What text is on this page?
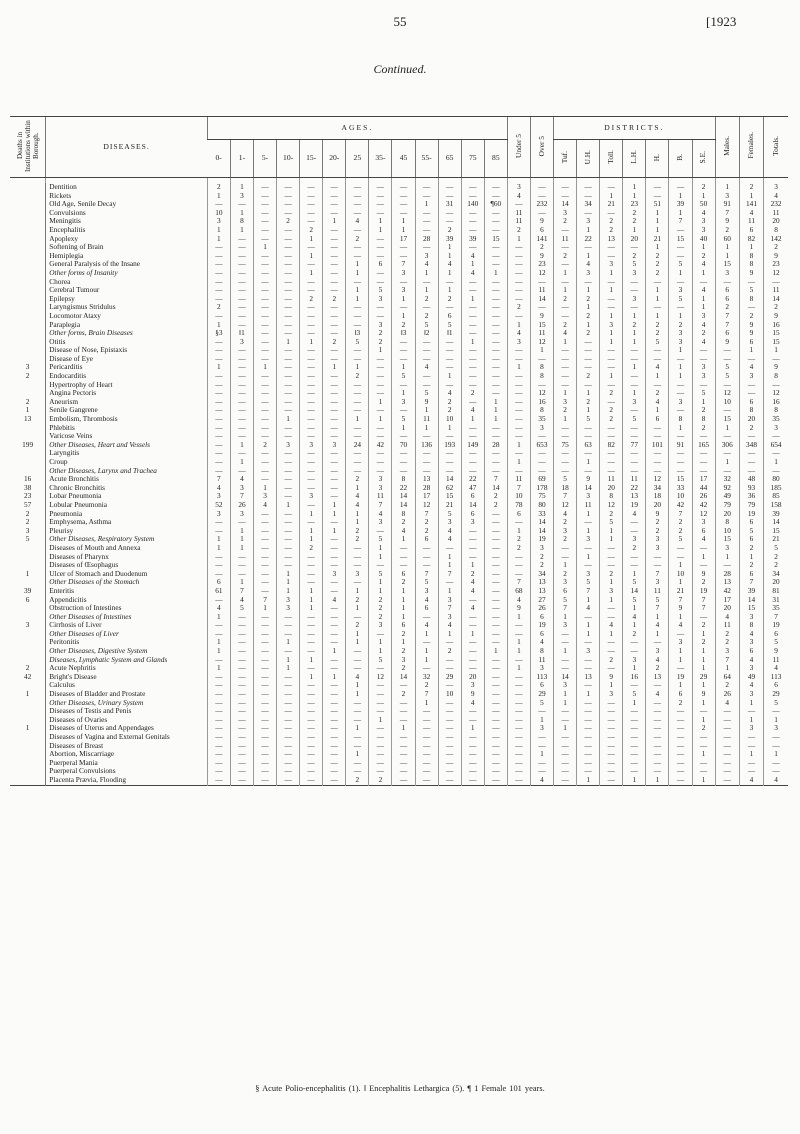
55	[1923
Continued.
Deaths in Institutions within Borough.	DISEASES.	AGES.													Under 5	Over 5	DISTRICTS.							Males.	Females.	Totals.
		0-	1-	5-	10-	15-	20-	25	35-	45	55-	65	75	85			Tuf.	U.H.	Toll.	L.H.	H.	B.	S.E.			

	Dentition	2	1	—	—	—	—	—	—	—	—	—	—	—	3	—	—	—	—	1	—	—	2	1	2	3
	Rickets	1	3	—	—	—	—	—	—	—	—	—	—	—	4	—	—	—	1	1	—	1	1	3	1	4
	Old Age, Senile Decay	—	—	—	—	—	—	—	—	—	1	31	140	¶60	—	232	14	34	21	23	51	39	50	91	141	232
	Convulsions	10	1	—	—	—	—	—	—	—	—	—	—	—	11	—	3	—	—	2	1	1	4	7	4	11
	Meningitis	3	8	—	2	—	1	4	1	1	—	—	—	—	11	9	2	3	2	2	1	7	3	9	11	20
	Encephalitis	1	1	—	—	2	—	—	1	1	—	2	—	—	2	6	—	1	2	1	1	—	3	2	6	8
	Apoplexy	1	—	—	—	1	—	2	—	17	28	39	39	15	1	141	11	22	13	20	21	15	40	60	82	142
	Softening of Brain	—	—	1	—	—	—	—	—	—	—	1	—	—	—	2	—	—	—	—	1	—	1	1	1	2
	Hemiplegia	—	—	—	—	1	—	—	—	—	3	1	4	—	—	9	2	1	—	2	2	—	2	1	8	9
	General Paralysis of the Insane	—	—	—	—	—	—	1	6	7	4	4	1	—	—	23	—	4	3	5	2	5	4	15	8	23
	Other forms of Insanity	—	—	—	—	1	—	1	—	3	1	1	4	1	—	12	1	3	1	3	2	1	1	3	9	12
	Chorea	—	—	—	—	—	—	—	—	—	—	—	—	—	—	—	—	—	—	—	—	—	—	—	—	—
	Cerebral Tumour	—	—	—	—	—	—	1	5	3	1	1	—	—	—	11	1	1	1	—	1	3	4	6	5	11
	Epilepsy	—	—	—	—	2	2	1	3	1	2	2	1	—	—	14	2	2	—	3	1	5	1	6	8	14
	Laryngismus Stridulus	2	—	—	—	—	—	—	—	—	—	—	—	—	2	—	—	1	—	—	—	—	1	2	—	2
	Locomotor Ataxy	—	—	—	—	—	—	—	—	1	2	6	—	—	—	9	—	2	1	1	1	1	3	7	2	9
	Paraplegia	1	—	—	—	—	—	—	3	2	5	5	—	—	1	15	2	1	3	2	2	2	4	7	9	16
	Other forms, Brain Diseases	§3	‖1	—	—	—	—	‖3	2	‖3	‖2	‖1	—	—	4	11	4	2	1	1	2	3	2	6	9	15
	Otitis	—	3	—	1	1	2	5	2	—	—	—	1	—	3	12	1	—	1	1	5	3	4	9	6	15
	Disease of Nose, Epistaxis	—	—	—	—	—	—	—	1	—	—	—	—	—	—	1	—	—	—	—	—	1	—	—	1	1
	Disease of Eye	—	—	—	—	—	—	—	—	—	—	—	—	—	—	—	—	—	—	—	—	—	—	—	—	—
3	Pericarditis	1	—	1	—	—	1	1	—	1	4	—	—	—	1	8	—	—	—	1	4	1	3	5	4	9
2	Endocarditis	—	—	—	—	—	—	2	—	5	—	1	—	—	—	8	—	2	1	—	1	1	3	5	3	8
	Hypertrophy of Heart	—	—	—	—	—	—	—	—	—	—	—	—	—	—	—	—	—	—	—	—	—	—	—	—	—
	Angina Pectoris	—	—	—	—	—	—	—	—	1	5	4	2	—	—	12	1	1	2	1	2	—	5	12	—	12
2	Aneurism	—	—	—	—	—	—	—	1	3	9	2	—	1	—	16	3	2	—	3	4	3	1	10	6	16
1	Senile Gangrene	—	—	—	—	—	—	—	—	—	1	2	4	1	—	8	2	1	2	—	1	—	2	—	8	8
13	Embolism, Thrombosis	—	—	—	1	—	—	1	1	5	11	10	1	1	—	35	1	5	2	5	6	8	8	15	20	35
	Phlebitis	—	—	—	—	—	—	—	—	1	1	1	—	—	—	3	—	—	—	—	—	1	2	1	2	3
	Varicose Veins	—	—	—	—	—	—	—	—	—	—	—	—	—	—	—	—	—	—	—	—	—	—	—	—	—
199	Other Diseases, Heart and Vessels	—	1	2	3	3	3	24	42	70	136	193	149	28	1	653	75	63	82	77	101	91	165	306	348	654
	Laryngitis	—	—	—	—	—	—	—	—	—	—	—	—	—	—	—	—	—	—	—	—	—	—	—	—	—
	Croup	—	1	—	—	—	—	—	—	—	—	—	—	—	1	—	—	1	—	—	—	—	—	1	—	1
	Other Diseases, Larynx and Trachea	—	—	—	—	—	—	—	—	—	—	—	—	—	—	—	—	—	—	—	—	—	—	—	—	—
16	Acute Bronchitis	7	4	—	—	—	—	2	3	8	13	14	22	7	11	69	5	9	11	11	12	15	17	32	48	80
38	Chronic Bronchitis	4	3	1	—	—	—	1	3	22	28	62	47	14	7	178	18	14	20	22	34	33	44	92	93	185
23	Lobar Pneumonia	3	7	3	—	3	—	4	11	14	17	15	6	2	10	75	7	3	8	13	18	10	26	49	36	85
57	Lobular Pneumonia	52	26	4	1	—	1	4	7	14	12	21	14	2	78	80	12	11	12	19	20	42	42	79	79	158
2	Pneumonia	3	3	—	—	1	1	1	4	8	7	5	6	—	6	33	4	1	2	4	9	7	12	20	19	39
2	Emphysema, Asthma	—	—	—	—	—	—	1	3	2	2	3	3	—	—	14	2	—	5	—	2	2	3	8	6	14
3	Pleurisy	—	1	—	—	1	1	2	—	4	2	4	—	—	1	14	3	1	1	—	2	2	6	10	5	15
5	Other Diseases, Respiratory System	1	1	—	—	1	—	2	5	1	6	4	—	—	2	19	2	3	1	3	3	5	4	15	6	21
	Diseases of Mouth and Annexa	1	1	—	—	2	—	—	1	—	—	—	—	—	2	3	—	—	—	2	3	—	—	3	2	5
	Diseases of Pharynx	—	—	—	—	—	—	—	1	—	—	1	—	—	—	2	—	1	—	—	—	—	1	1	1	2
	Diseases of Œsophagus	—	—	—	—	—	—	—	—	—	—	1	1	—	—	2	1	—	—	—	—	1	—	—	2	2
1	Ulcer of Stomach and Duodenum	—	—	—	1	—	3	3	5	6	7	7	2	—	—	34	2	3	2	1	7	10	9	28	6	34
	Other Diseases of the Stomach	6	1	—	1	—	—	—	1	2	5	—	4	—	7	13	3	5	1	5	3	1	2	13	7	20
39	Enteritis	61	7	—	1	1	—	1	1	1	3	1	4	—	68	13	6	7	3	14	11	21	19	42	39	81
6	Appendicitis	—	4	7	3	1	4	2	2	1	4	3	—	—	4	27	5	1	1	5	5	7	7	17	14	31
	Obstruction of Intestines	4	5	1	3	1	—	1	2	1	6	7	4	—	9	26	7	4	—	1	7	9	7	20	15	35
	Other Diseases of Intestines	1	—	—	—	—	—	—	2	1	—	3	—	—	1	6	1	—	—	4	1	1	—	4	3	7
3	Cirrhosis of Liver	—	—	—	—	—	—	2	3	6	4	4	—	—	—	19	3	1	4	1	4	4	2	11	8	19
	Other Diseases of Liver	—	—	—	—	—	—	1	—	2	1	1	1	—	—	6	—	1	1	2	1	—	1	2	4	6
	Peritonitis	1	—	—	1	—	—	1	1	1	—	—	—	—	1	4	—	—	—	—	—	3	2	2	3	5
	Other Diseases, Digestive System	1	—	—	—	—	1	—	1	2	1	2	—	1	1	8	1	3	—	—	3	1	1	3	6	9
	Diseases, Lymphatic System and Glands	—	—	—	1	1	—	—	5	3	1	—	—	—	—	11	—	—	2	3	4	1	1	7	4	11
2	Acute Nephritis	1	—	—	1	—	—	—	—	2	—	—	—	—	1	3	—	—	—	1	2	—	1	1	3	4
42	Bright's Disease	—	—	—	—	1	1	4	12	14	32	29	20	—	—	113	14	13	9	16	13	19	29	64	49	113
	Calculus	—	—	—	—	—	—	1	—	—	2	—	3	—	—	6	3	—	1	—	—	1	1	2	4	6
1	Diseases of Bladder and Prostate	—	—	—	—	—	—	1	—	2	7	10	9	—	—	29	1	1	3	5	4	6	9	26	3	29
	Other Diseases, Urinary System	—	—	—	—	—	—	—	—	—	1	—	4	—	—	5	1	—	—	1	—	2	1	4	1	5
	Diseases of Testis and Penis	—	—	—	—	—	—	—	—	—	—	—	—	—	—	—	—	—	—	—	—	—	—	—	—	—
	Diseases of Ovaries	—	—	—	—	—	—	—	1	—	—	—	—	—	—	1	—	—	—	—	—	—	1	—	1	1
1	Diseases of Uterus and Appendages	—	—	—	—	—	—	1	—	1	—	—	1	—	—	3	1	—	—	—	—	—	2	—	3	3
	Diseases of Vagina and External Genitals	—	—	—	—	—	—	—	—	—	—	—	—	—	—	—	—	—	—	—	—	—	—	—	—	—
	Diseases of Breast	—	—	—	—	—	—	—	—	—	—	—	—	—	—	—	—	—	—	—	—	—	—	—	—	—
	Abortion, Miscarriage	—	—	—	—	—	—	1	—	—	—	—	—	—	—	1	—	—	—	—	—	—	1	—	1	1
	Puerperal Mania	—	—	—	—	—	—	—	—	—	—	—	—	—	—	—	—	—	—	—	—	—	—	—	—	—
	Puerperal Convulsions	—	—	—	—	—	—	—	—	—	—	—	—	—	—	—	—	—	—	—	—	—	—	—	—	—
	Placenta Prævia, Flooding	—	—	—	—	—	—	2	2	—	—	—	—	—	—	4	—	1	—	1	1	—	1	—	4	4
§ Acute Polio-encephalitis (1). ‖ Encephalitis Lethargica (5). ¶ 1 Female 101 years.
